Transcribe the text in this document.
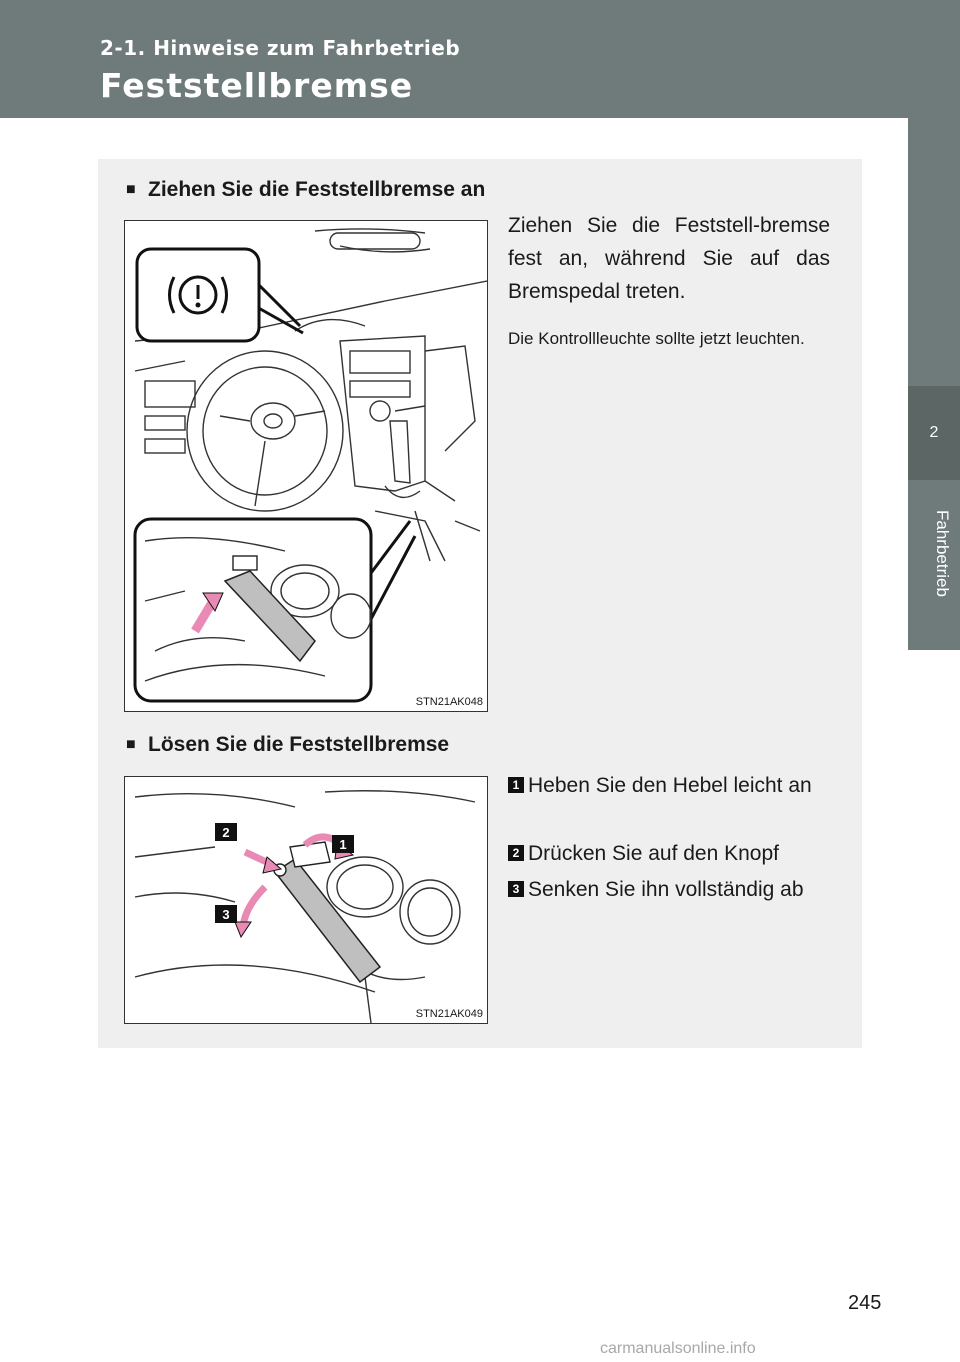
2-1. Hinweise zum Fahrbetrieb
Feststellbremse
2
Fahrbetrieb
■ Ziehen Sie die Feststellbremse an
STN21AK048
Ziehen Sie die Feststell-bremse fest an, während Sie auf das Bremspedal treten.
Die Kontrollleuchte sollte jetzt leuchten.
■ Lösen Sie die Feststellbremse
2
1
3
STN21AK049
1 Heben Sie den Hebel leicht an
2 Drücken Sie auf den Knopf
3 Senken Sie ihn vollständig ab
245
carmanualsonline.info
